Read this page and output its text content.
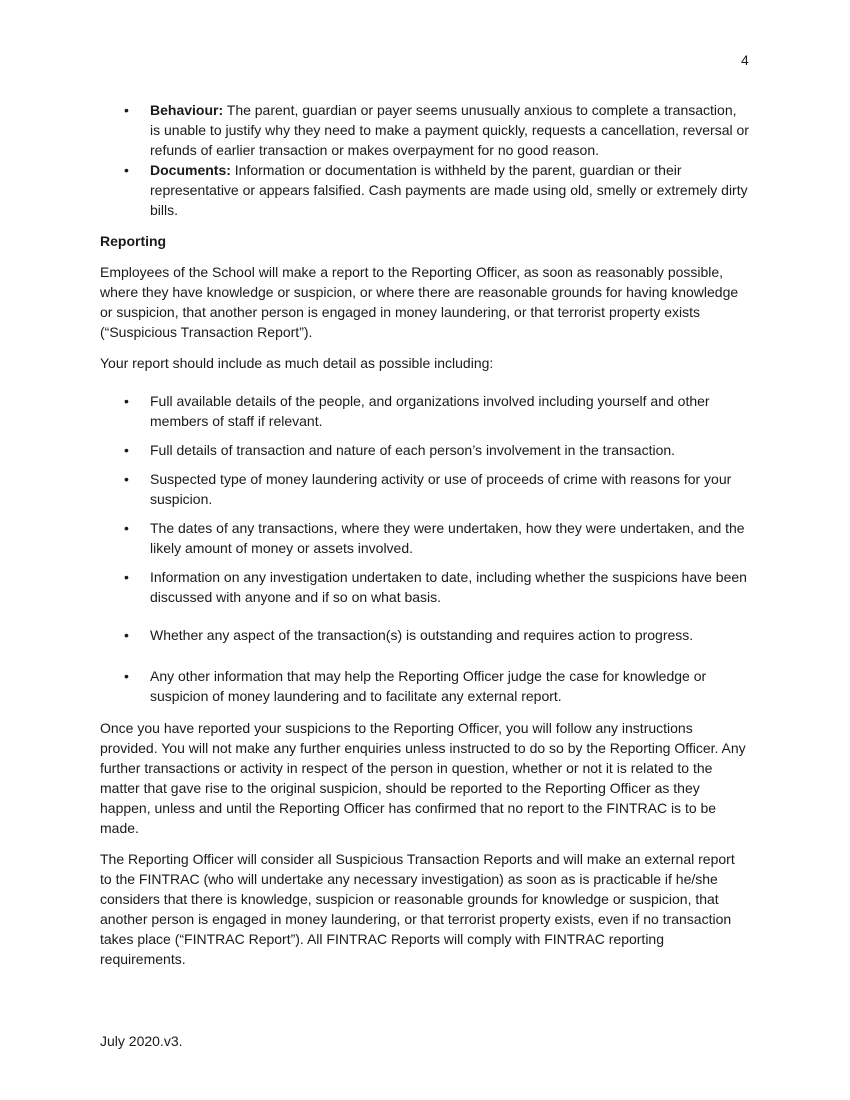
4
• Behaviour: The parent, guardian or payer seems unusually anxious to complete a transaction, is unable to justify why they need to make a payment quickly, requests a cancellation, reversal or refunds of earlier transaction or makes overpayment for no good reason.
• Documents: Information or documentation is withheld by the parent, guardian or their representative or appears falsified. Cash payments are made using old, smelly or extremely dirty bills.

Reporting

Employees of the School will make a report to the Reporting Officer, as soon as reasonably possible, where they have knowledge or suspicion, or where there are reasonable grounds for having knowledge or suspicion, that another person is engaged in money laundering, or that terrorist property exists (“Suspicious Transaction Report”).

Your report should include as much detail as possible including:

• Full available details of the people, and organizations involved including yourself and other members of staff if relevant.
• Full details of transaction and nature of each person’s involvement in the transaction.
• Suspected type of money laundering activity or use of proceeds of crime with reasons for your suspicion.
• The dates of any transactions, where they were undertaken, how they were undertaken, and the likely amount of money or assets involved.
• Information on any investigation undertaken to date, including whether the suspicions have been discussed with anyone and if so on what basis.
• Whether any aspect of the transaction(s) is outstanding and requires action to progress.
• Any other information that may help the Reporting Officer judge the case for knowledge or suspicion of money laundering and to facilitate any external report.

Once you have reported your suspicions to the Reporting Officer, you will follow any instructions provided. You will not make any further enquiries unless instructed to do so by the Reporting Officer. Any further transactions or activity in respect of the person in question, whether or not it is related to the matter that gave rise to the original suspicion, should be reported to the Reporting Officer as they happen, unless and until the Reporting Officer has confirmed that no report to the FINTRAC is to be made.

The Reporting Officer will consider all Suspicious Transaction Reports and will make an external report to the FINTRAC (who will undertake any necessary investigation) as soon as is practicable if he/she considers that there is knowledge, suspicion or reasonable grounds for knowledge or suspicion, that another person is engaged in money laundering, or that terrorist property exists, even if no transaction takes place (“FINTRAC Report”). All FINTRAC Reports will comply with FINTRAC reporting requirements.

July 2020.v3.
